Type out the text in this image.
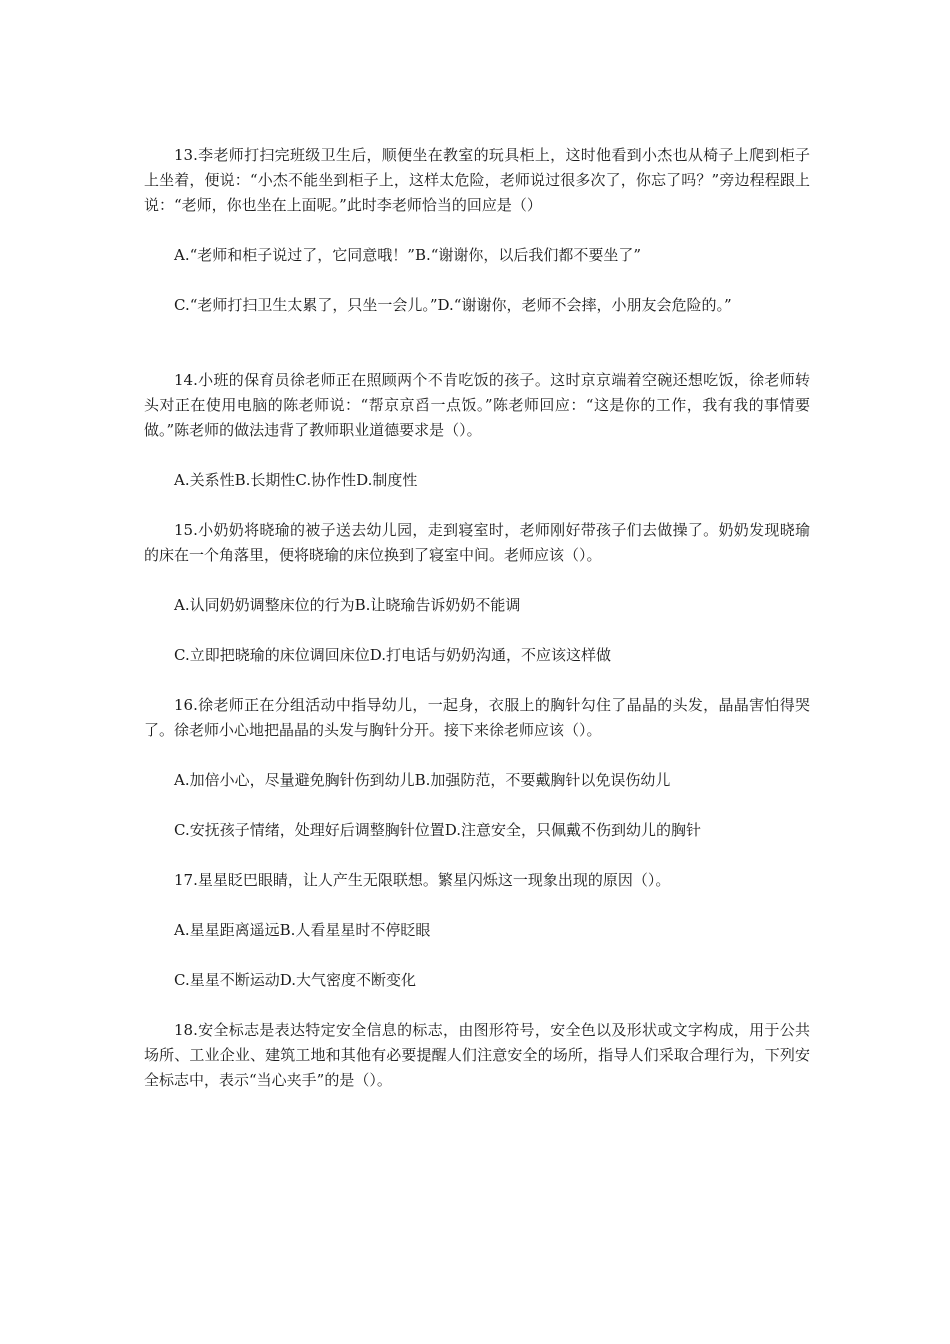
13.李老师打扫完班级卫生后，顺便坐在教室的玩具柜上，这时他看到小杰也从椅子上爬到柜子上坐着，便说：“小杰不能坐到柜子上，这样太危险，老师说过很多次了，你忘了吗？”旁边程程跟上说：“老师，你也坐在上面呢。”此时李老师恰当的回应是（）

A.“老师和柜子说过了，它同意哦！”B.“谢谢你，以后我们都不要坐了”

C.“老师打扫卫生太累了，只坐一会儿。”D.“谢谢你，老师不会摔，小朋友会危险的。”

14.小班的保育员徐老师正在照顾两个不肯吃饭的孩子。这时京京端着空碗还想吃饭，徐老师转头对正在使用电脑的陈老师说：“帮京京舀一点饭。”陈老师回应：“这是你的工作，我有我的事情要做。”陈老师的做法违背了教师职业道德要求是（）。

A.关系性B.长期性C.协作性D.制度性

15.小奶奶将晓瑜的被子送去幼儿园，走到寝室时，老师刚好带孩子们去做操了。奶奶发现晓瑜的床在一个角落里，便将晓瑜的床位换到了寝室中间。老师应该（）。

A.认同奶奶调整床位的行为B.让晓瑜告诉奶奶不能调

C.立即把晓瑜的床位调回床位D.打电话与奶奶沟通，不应该这样做

16.徐老师正在分组活动中指导幼儿，一起身，衣服上的胸针勾住了晶晶的头发，晶晶害怕得哭了。徐老师小心地把晶晶的头发与胸针分开。接下来徐老师应该（）。

A.加倍小心，尽量避免胸针伤到幼儿B.加强防范，不要戴胸针以免误伤幼儿

C.安抚孩子情绪，处理好后调整胸针位置D.注意安全，只佩戴不伤到幼儿的胸针

17.星星眨巴眼睛，让人产生无限联想。繁星闪烁这一现象出现的原因（）。

A.星星距离遥远B.人看星星时不停眨眼

C.星星不断运动D.大气密度不断变化

18.安全标志是表达特定安全信息的标志，由图形符号，安全色以及形状或文字构成，用于公共场所、工业企业、建筑工地和其他有必要提醒人们注意安全的场所，指导人们采取合理行为，下列安全标志中，表示“当心夹手”的是（）。
